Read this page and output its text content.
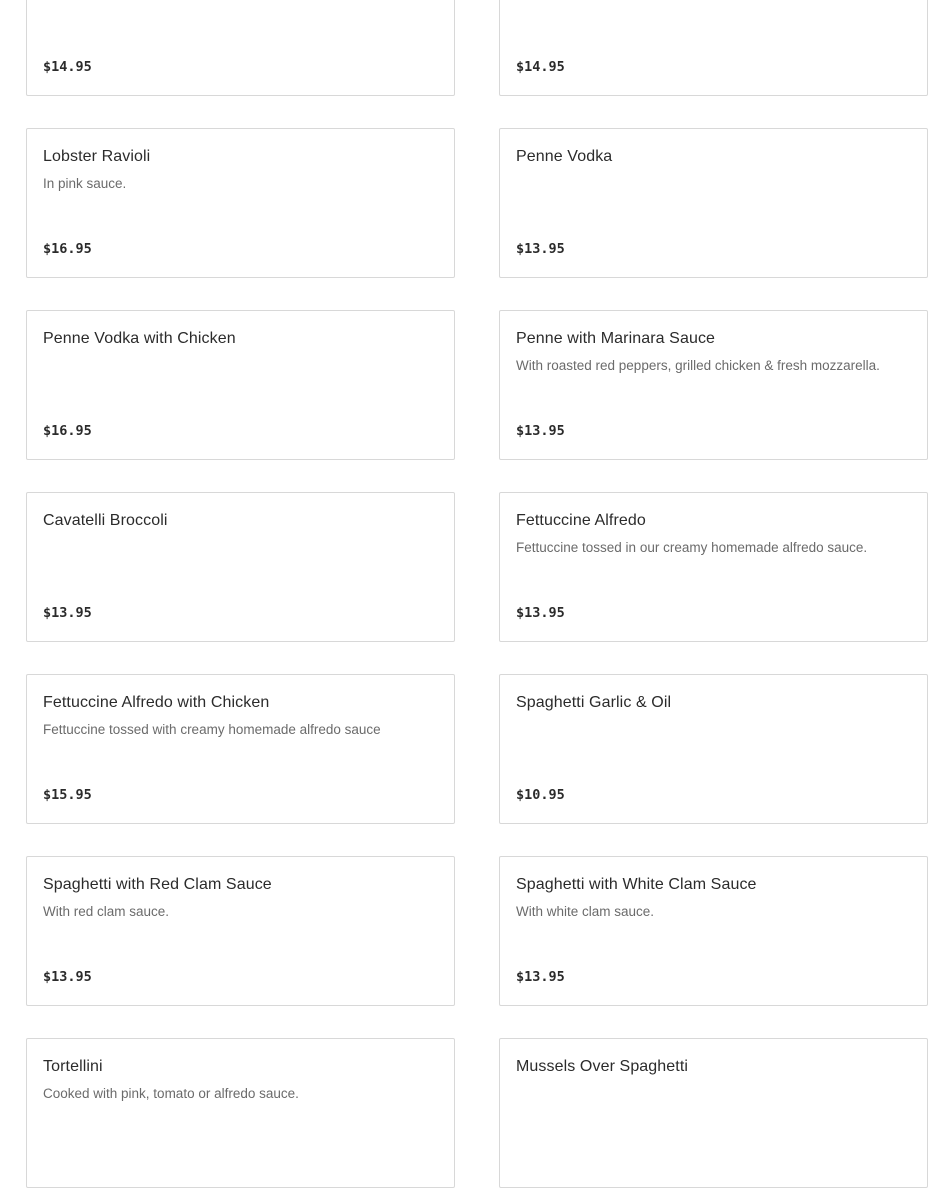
$14.95	$14.95
Lobster Ravioli
In pink sauce.
$16.95
Penne Vodka
$13.95
Penne Vodka with Chicken
$16.95
Penne with Marinara Sauce
With roasted red peppers, grilled chicken & fresh mozzarella.
$13.95
Cavatelli Broccoli
$13.95
Fettuccine Alfredo
Fettuccine tossed in our creamy homemade alfredo sauce.
$13.95
Fettuccine Alfredo with Chicken
Fettuccine tossed with creamy homemade alfredo sauce
$15.95
Spaghetti Garlic & Oil
$10.95
Spaghetti with Red Clam Sauce
With red clam sauce.
$13.95
Spaghetti with White Clam Sauce
With white clam sauce.
$13.95
Tortellini
Cooked with pink, tomato or alfredo sauce.
Mussels Over Spaghetti
